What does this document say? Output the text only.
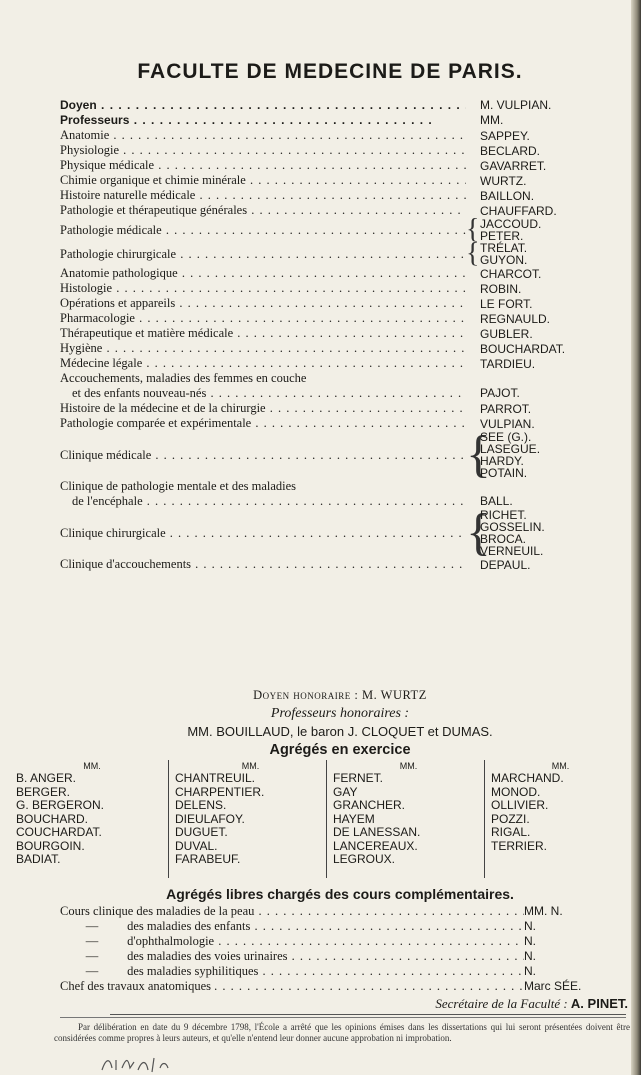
FACULTE DE MEDECINE DE PARIS.
Doyen . . .	M. VULPIAN.
Professeurs . . .	MM.
Anatomie . . .	SAPPEY.
Physiologie . . .	BECLARD.
Physique médicale . . .	GAVARRET.
Chimie organique et chimie minérale . . .	WURTZ.
Histoire naturelle médicale . . .	BAILLON.
Pathologie et thérapeutique générales . . .	CHAUFFARD.
Pathologie médicale . . .	{ JACCOUD.
PETER.
Pathologie chirurgicale . . .	{ TRÉLAT.
GUYON.
Anatomie pathologique . . .	CHARCOT.
Histologie . . .	ROBIN.
Opérations et appareils . . .	LE FORT.
Pharmacologie . . .	REGNAULD.
Thérapeutique et matière médicale . . .	GUBLER.
Hygiène . . .	BOUCHARDAT.
Médecine légale . . .	TARDIEU.
Accouchements, maladies des femmes en couche
et des enfants nouveau-nés . . .	PAJOT.
Histoire de la médecine et de la chirurgie . . .	PARROT.
Pathologie comparée et expérimentale . . .	VULPIAN.
Clinique médicale . . .	{
SEE (G.).
LASEGUE.
HARDY.
POTAIN.
Clinique de pathologie mentale et des maladies
de l'encéphale . . .	BALL.
Clinique chirurgicale . . .	{
RICHET.
GOSSELIN.
BROCA.
VERNEUIL.
Clinique d'accouchements . . .	DEPAUL.
Doyen honoraire : M. WURTZ
Professeurs honoraires :
MM. BOUILLAUD, le baron J. CLOQUET et DUMAS.
Agrégés en exercice
MM.
B. ANGER.
BERGER.
G. BERGERON.
BOUCHARD.
COUCHARDAT.
BOURGOIN.
BADIAT.
MM.
CHANTREUIL.
CHARPENTIER.
DELENS.
DIEULAFOY.
DUGUET.
DUVAL.
FARABEUF.
MM.
FERNET.
GAY
GRANCHER.
HAYEM
DE LANESSAN.
LANCEREAUX.
LEGROUX.
MM.
MARCHAND.
MONOD.
OLLIVIER.
POZZI.
RIGAL.
TERRIER.
Agrégés libres chargés des cours complémentaires.
Cours clinique des maladies de la peau . . .	MM. N.
— des maladies des enfants . . .	N.
— d'ophthalmologie . . .	N.
— des maladies des voies urinaires . . .	N.
— des maladies syphilitiques . . .	N.
Chef des travaux anatomiques . . .	Marc SÉE.
Secrétaire de la Faculté : A. PINET.
Par délibération en date du 9 décembre 1798, l'École a arrêté que les opinions émises dans les dissertations qui lui seront présentées doivent être considérées comme propres à leurs auteurs, et qu'elle n'entend leur donner aucune approbation ni improbation.
